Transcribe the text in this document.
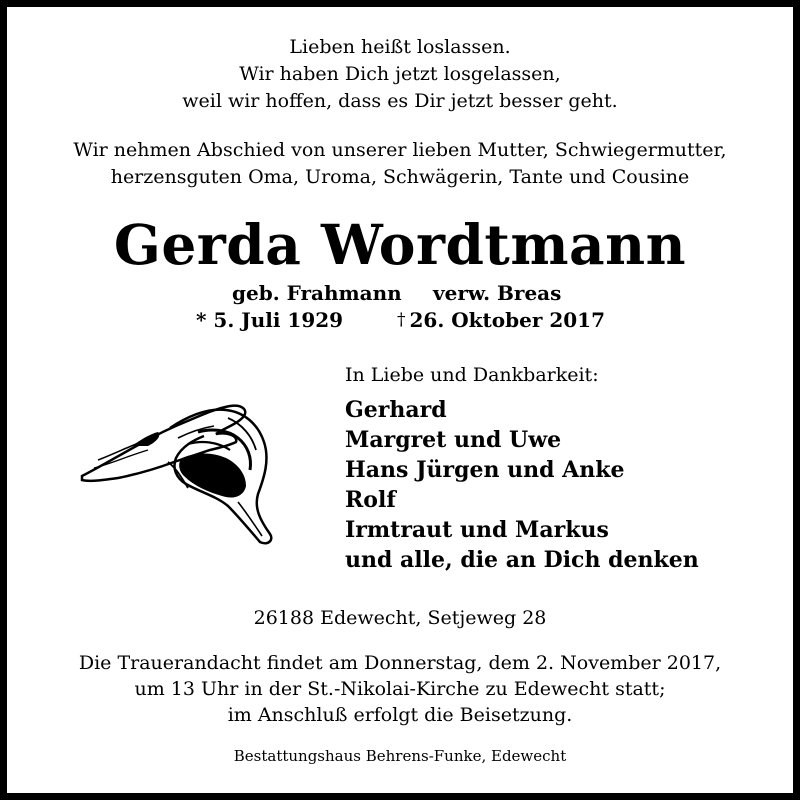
Lieben heißt loslassen.
Wir haben Dich jetzt losgelassen,
weil wir hoffen, dass es Dir jetzt besser geht.
Wir nehmen Abschied von unserer lieben Mutter, Schwiegermutter,
herzensguten Oma, Uroma, Schwägerin, Tante und Cousine
Gerda Wordtmann
geb. Frahmann verw. Breas
* 5. Juli 1929	† 26. Oktober 2017
In Liebe und Dankbarkeit:
Gerhard
Margret und Uwe
Hans Jürgen und Anke
Rolf
Irmtraut und Markus
und alle, die an Dich denken
26188 Edewecht, Setjeweg 28
Die Trauerandacht findet am Donnerstag, dem 2. November 2017,
um 13 Uhr in der St.-Nikolai-Kirche zu Edewecht statt;
im Anschluß erfolgt die Beisetzung.
Bestattungshaus Behrens-Funke, Edewecht
